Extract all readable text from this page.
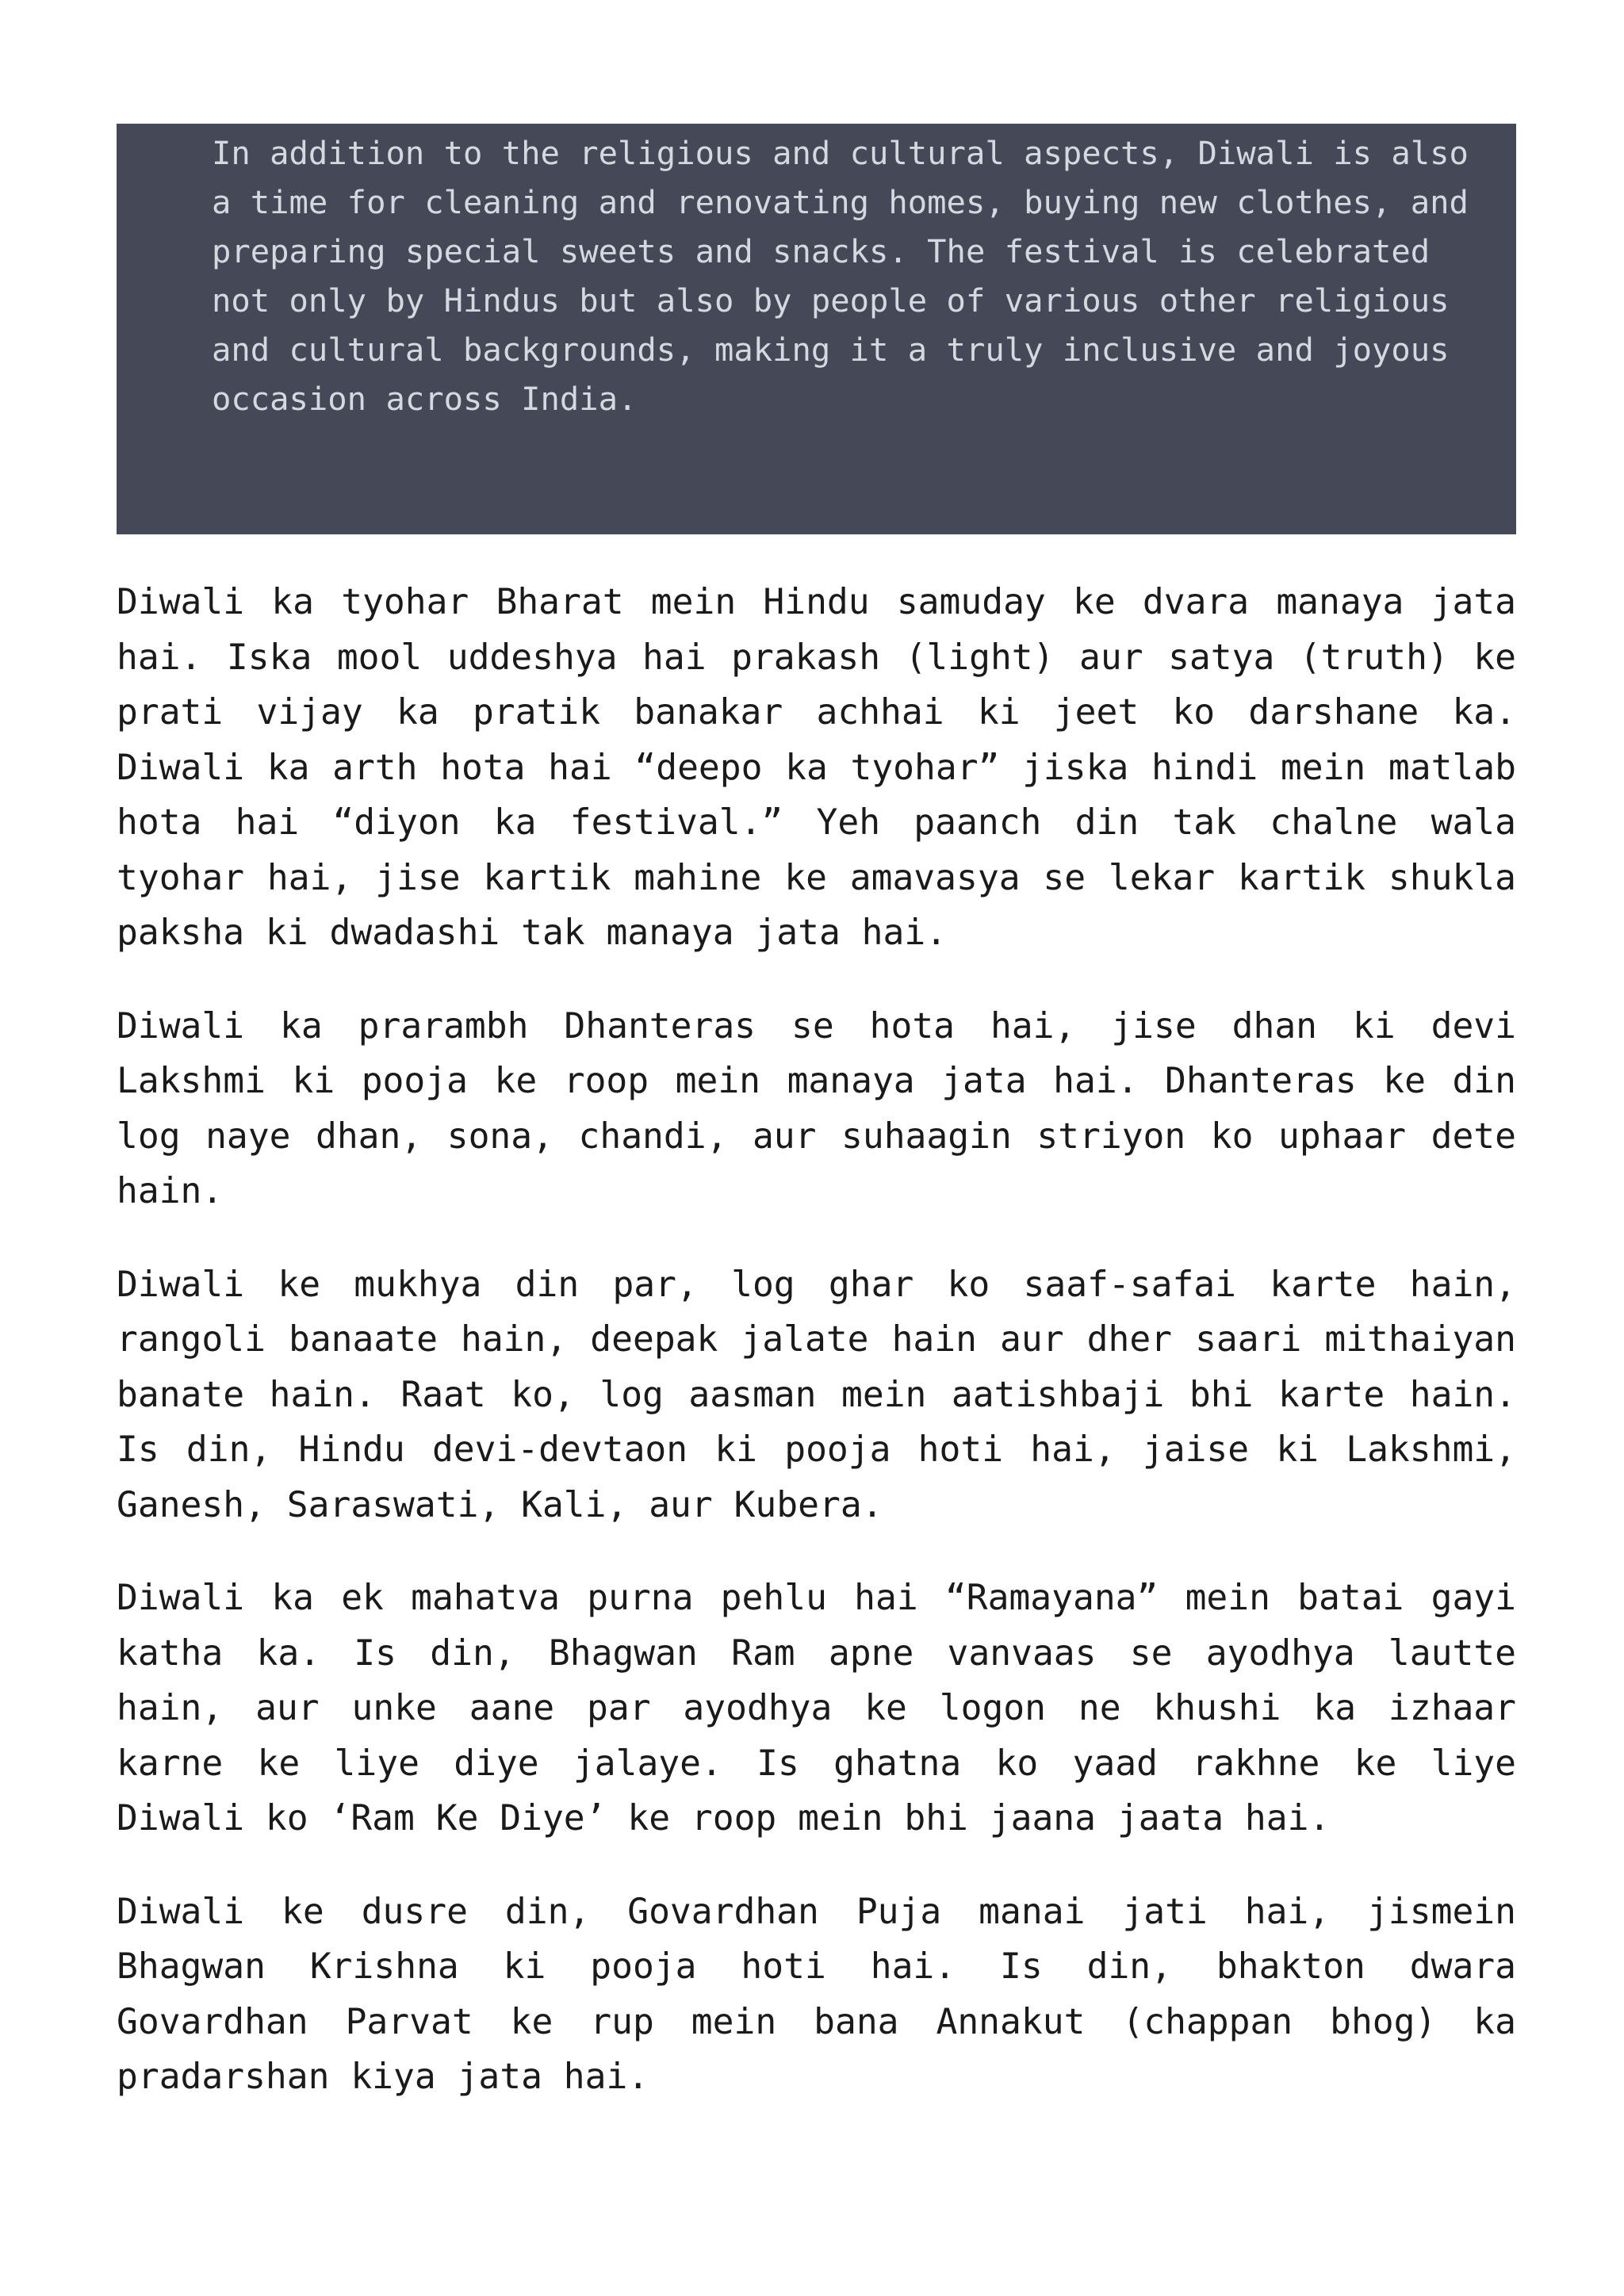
In addition to the religious and cultural aspects, Diwali is also
a time for cleaning and renovating homes, buying new clothes, and
preparing special sweets and snacks. The festival is celebrated
not only by Hindus but also by people of various other religious
and cultural backgrounds, making it a truly inclusive and joyous
occasion across India.

Diwali ka tyohar Bharat mein Hindu samuday ke dvara manaya jata hai. Iska mool uddeshya hai prakash (light) aur satya (truth) ke prati vijay ka pratik banakar achhai ki jeet ko darshane ka. Diwali ka arth hota hai “deepo ka tyohar” jiska hindi mein matlab hota hai “diyon ka festival.” Yeh paanch din tak chalne wala tyohar hai, jise kartik mahine ke amavasya se lekar kartik shukla paksha ki dwadashi tak manaya jata hai.

Diwali ka prarambh Dhanteras se hota hai, jise dhan ki devi Lakshmi ki pooja ke roop mein manaya jata hai. Dhanteras ke din log naye dhan, sona, chandi, aur suhaagin striyon ko uphaar dete hain.

Diwali ke mukhya din par, log ghar ko saaf-safai karte hain, rangoli banaate hain, deepak jalate hain aur dher saari mithaiyan banate hain. Raat ko, log aasman mein aatishbaji bhi karte hain. Is din, Hindu devi-devtaon ki pooja hoti hai, jaise ki Lakshmi, Ganesh, Saraswati, Kali, aur Kubera.

Diwali ka ek mahatva purna pehlu hai “Ramayana” mein batai gayi katha ka. Is din, Bhagwan Ram apne vanvaas se ayodhya lautte hain, aur unke aane par ayodhya ke logon ne khushi ka izhaar karne ke liye diye jalaye. Is ghatna ko yaad rakhne ke liye Diwali ko ‘Ram Ke Diye’ ke roop mein bhi jaana jaata hai.

Diwali ke dusre din, Govardhan Puja manai jati hai, jismein Bhagwan Krishna ki pooja hoti hai. Is din, bhakton dwara Govardhan Parvat ke rup mein bana Annakut (chappan bhog) ka pradarshan kiya jata hai.
